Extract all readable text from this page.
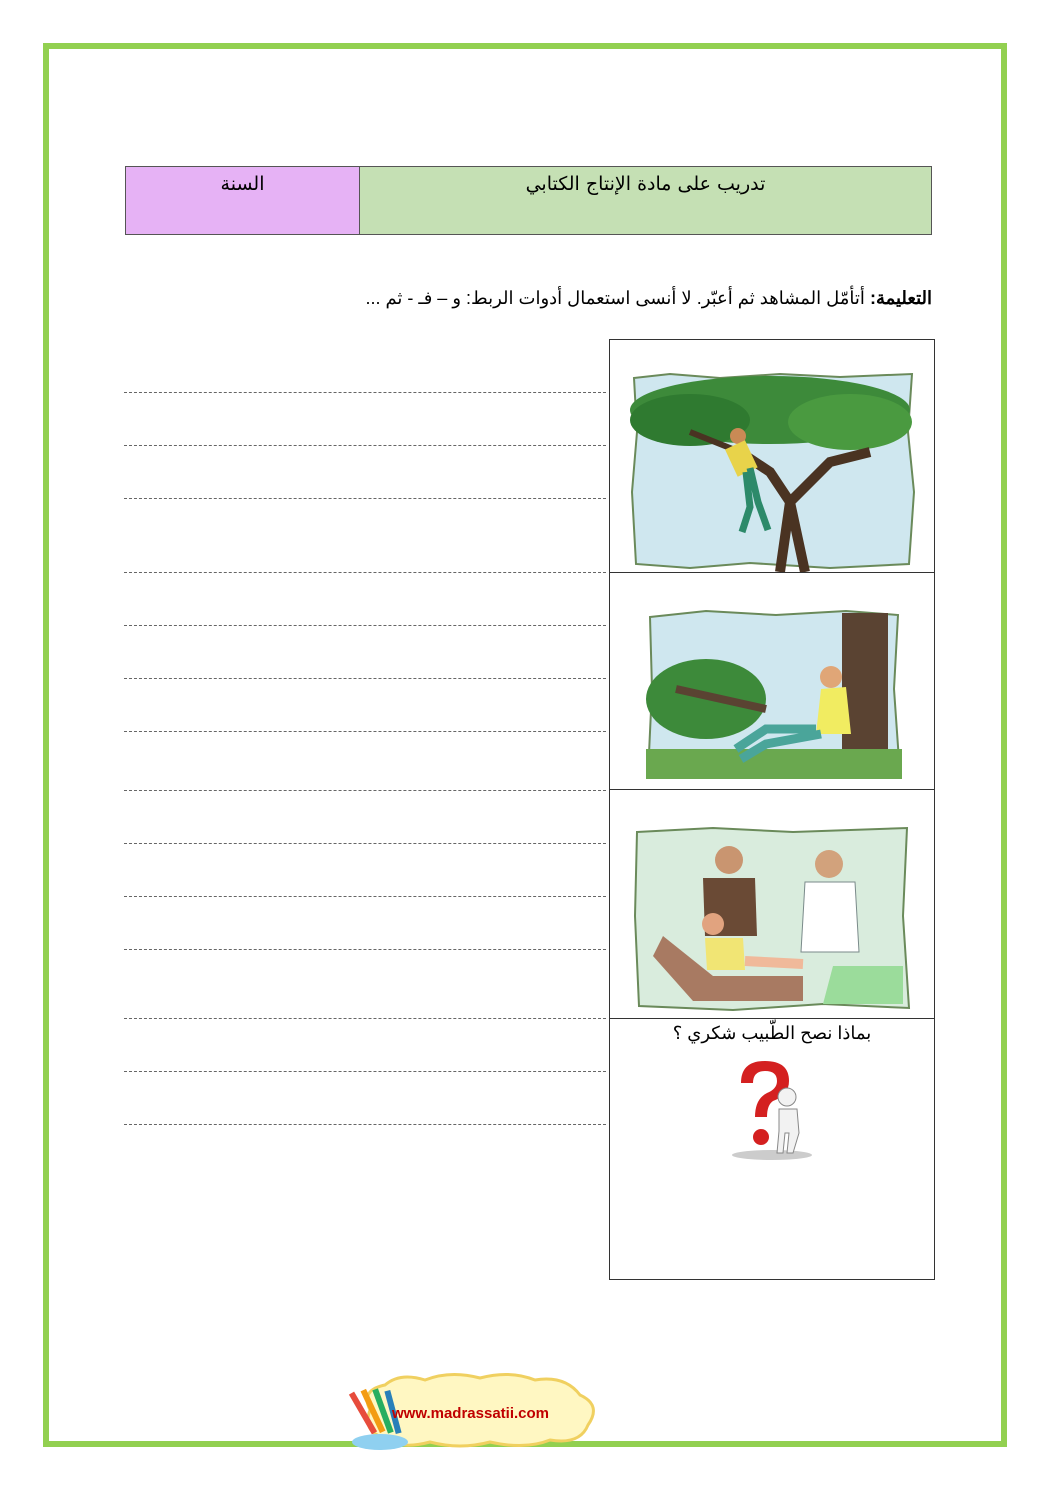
السنة	تدريب على مادة الإنتاج الكتابي
التعليمة: أتأمّل المشاهد ثم أعبّر. لا أنسى استعمال أدوات الربط: و – فـ - ثم ...
بماذا نصح الطّبيب شكري ؟
www.madrassatii.com
